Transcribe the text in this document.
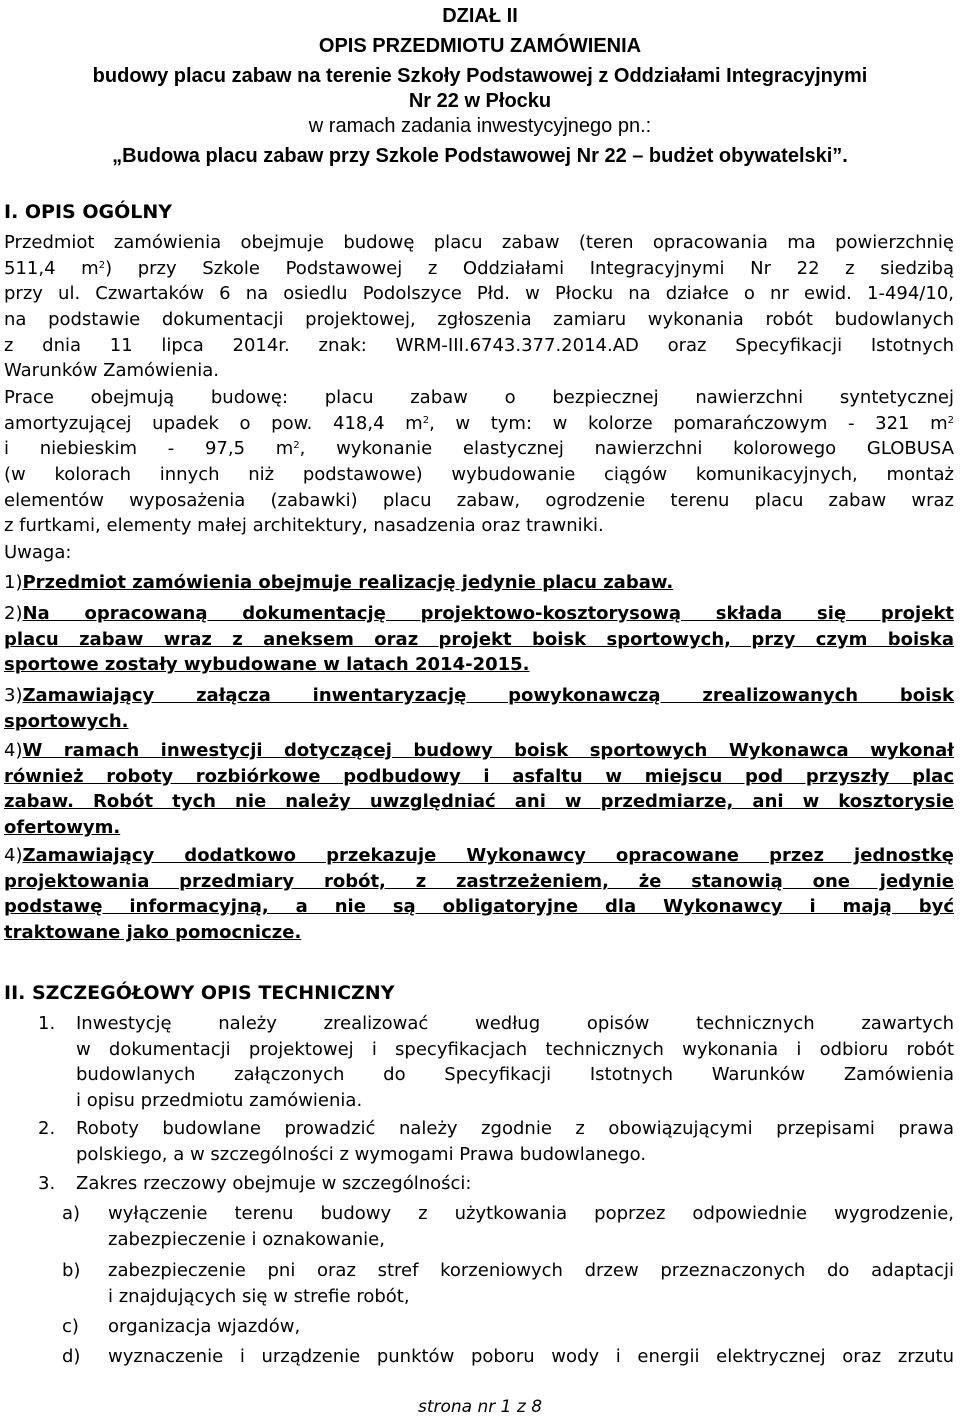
DZIAŁ II
OPIS PRZEDMIOTU ZAMÓWIENIA
budowy placu zabaw na terenie Szkoły Podstawowej z Oddziałami Integracyjnymi
Nr 22 w Płocku
w ramach zadania inwestycyjnego pn.:
„Budowa placu zabaw przy Szkole Podstawowej Nr 22 – budżet obywatelski”.
I. OPIS OGÓLNY
Przedmiot zamówienia obejmuje budowę placu zabaw (teren opracowania ma powierzchnię
511,4 $m^2$) przy Szkole Podstawowej z Oddziałami Integracyjnymi Nr 22 z siedzibą
przy ul. Czwartaków 6 na osiedlu Podolszyce Płd. w Płocku na działce o nr ewid. 1-494/10,
na podstawie dokumentacji projektowej, zgłoszenia zamiaru wykonania robót budowlanych
z dnia 11 lipca 2014r. znak: WRM-III.6743.377.2014.AD oraz Specyfikacji Istotnych
Warunków Zamówienia.
Prace obejmują budowę: placu zabaw o bezpiecznej nawierzchni syntetycznej
amortyzującej upadek o pow. 418,4 $m^2$, w tym: w kolorze pomarańczowym - 321 $m^2$
i niebieskim - 97,5 $m^2$, wykonanie elastycznej nawierzchni kolorowego GLOBUSA
(w kolorach innych niż podstawowe) wybudowanie ciągów komunikacyjnych, montaż
elementów wyposażenia (zabawki) placu zabaw, ogrodzenie terenu placu zabaw wraz
z furtkami, elementy małej architektury, nasadzenia oraz trawniki.
Uwaga:
1)Przedmiot zamówienia obejmuje realizację jedynie placu zabaw.
2)Na opracowaną dokumentację projektowo-kosztorysową składa się projekt
placu zabaw wraz z aneksem oraz projekt boisk sportowych, przy czym boiska
sportowe zostały wybudowane w latach 2014-2015.
3)Zamawiający załącza inwentaryzację powykonawczą zrealizowanych boisk
sportowych.
4)W ramach inwestycji dotyczącej budowy boisk sportowych Wykonawca wykonał
również roboty rozbiórkowe podbudowy i asfaltu w miejscu pod przyszły plac
zabaw. Robót tych nie należy uwzględniać ani w przedmiarze, ani w kosztorysie
ofertowym.
4)Zamawiający dodatkowo przekazuje Wykonawcy opracowane przez jednostkę
projektowania przedmiary robót, z zastrzeżeniem, że stanowią one jedynie
podstawę informacyjną, a nie są obligatoryjne dla Wykonawcy i mają być
traktowane jako pomocnicze.
II. SZCZEGÓŁOWY OPIS TECHNICZNY
1. Inwestycję należy zrealizować według opisów technicznych zawartych
w dokumentacji projektowej i specyfikacjach technicznych wykonania i odbioru robót
budowlanych załączonych do Specyfikacji Istotnych Warunków Zamówienia
i opisu przedmiotu zamówienia.
2. Roboty budowlane prowadzić należy zgodnie z obowiązującymi przepisami prawa
polskiego, a w szczególności z wymogami Prawa budowlanego.
3. Zakres rzeczowy obejmuje w szczególności:
a) wyłączenie terenu budowy z użytkowania poprzez odpowiednie wygrodzenie,
zabezpieczenie i oznakowanie,
b) zabezpieczenie pni oraz stref korzeniowych drzew przeznaczonych do adaptacji
i znajdujących się w strefie robót,
c) organizacja wjazdów,
d) wyznaczenie i urządzenie punktów poboru wody i energii elektrycznej oraz zrzutu
strona nr 1 z 8
